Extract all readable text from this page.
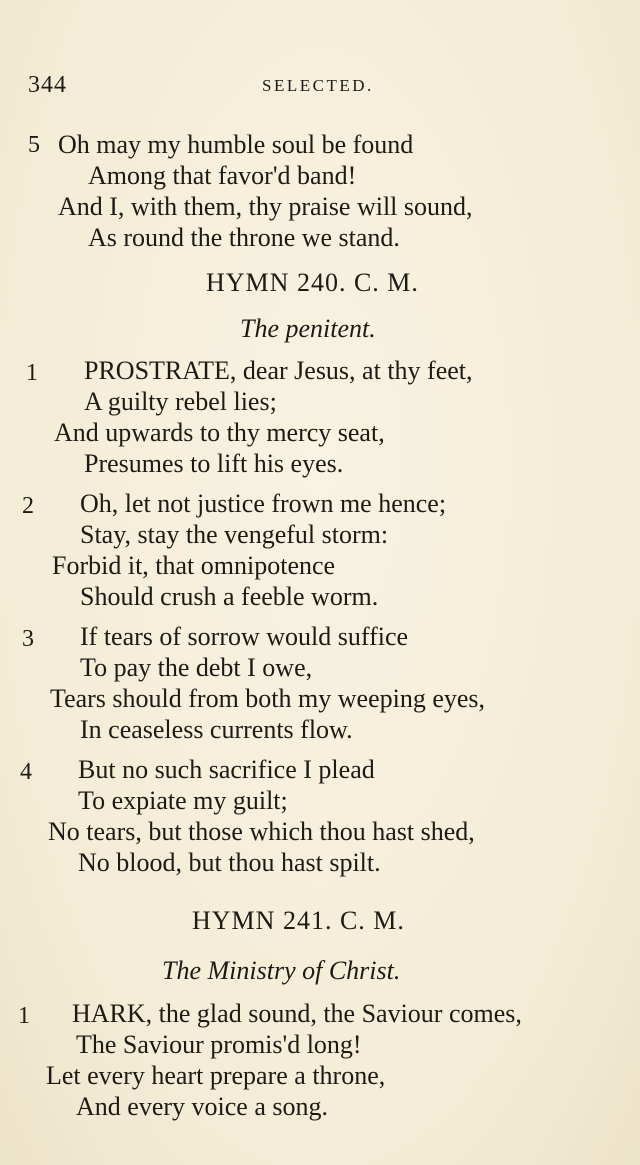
344	SELECTED.
5 Oh may my humble soul be found
Among that favor'd band!
And I, with them, thy praise will sound,
As round the throne we stand.
HYMN 240. C. M.
The penitent.
1 PROSTRATE, dear Jesus, at thy feet,
A guilty rebel lies;
And upwards to thy mercy seat,
Presumes to lift his eyes.
2 Oh, let not justice frown me hence;
Stay, stay the vengeful storm:
Forbid it, that omnipotence
Should crush a feeble worm.
3 If tears of sorrow would suffice
To pay the debt I owe,
Tears should from both my weeping eyes,
In ceaseless currents flow.
4 But no such sacrifice I plead
To expiate my guilt;
No tears, but those which thou hast shed,
No blood, but thou hast spilt.
HYMN 241. C. M.
The Ministry of Christ.
1 HARK, the glad sound, the Saviour comes,
The Saviour promis'd long!
Let every heart prepare a throne,
And every voice a song.
